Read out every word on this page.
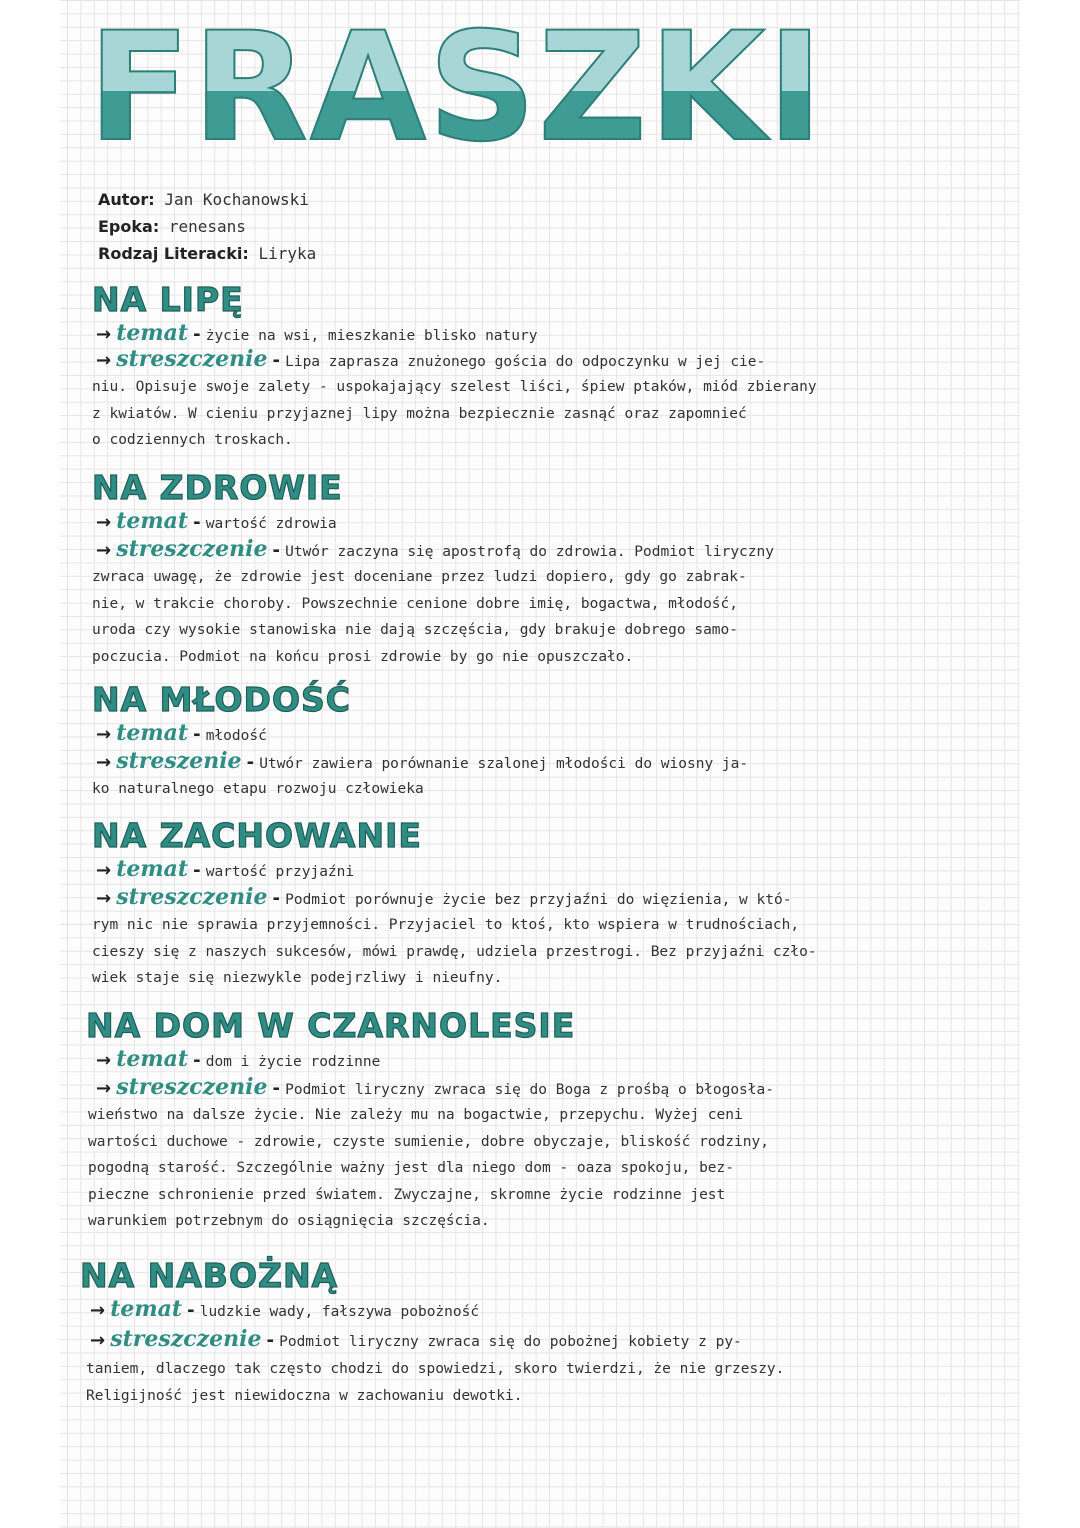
FRASZKI
Autor: Jan Kochanowski
Epoka: renesans
Rodzaj Literacki: Liryka
NA LIPĘ
→ temat - życie na wsi, mieszkanie blisko natury
→ streszczenie - Lipa zaprasza znużonego gościa do odpoczynku w jej cie-
niu. Opisuje swoje zalety - uspokajający szelest liści, śpiew ptaków, miód zbierany
z kwiatów. W cieniu przyjaznej lipy można bezpiecznie zasnąć oraz zapomnieć
o codziennych troskach.
NA ZDROWIE
→ temat - wartość zdrowia
→ streszczenie - Utwór zaczyna się apostrofą do zdrowia. Podmiot liryczny
zwraca uwagę, że zdrowie jest doceniane przez ludzi dopiero, gdy go zabrak-
nie, w trakcie choroby. Powszechnie cenione dobre imię, bogactwa, młodość,
uroda czy wysokie stanowiska nie dają szczęścia, gdy brakuje dobrego samo-
poczucia. Podmiot na końcu prosi zdrowie by go nie opuszczało.
NA MŁODOŚĆ
→ temat - młodość
→ streszenie - Utwór zawiera porównanie szalonej młodości do wiosny ja-
ko naturalnego etapu rozwoju człowieka
NA ZACHOWANIE
→ temat - wartość przyjaźni
→ streszczenie - Podmiot porównuje życie bez przyjaźni do więzienia, w któ-
rym nic nie sprawia przyjemności. Przyjaciel to ktoś, kto wspiera w trudnościach,
cieszy się z naszych sukcesów, mówi prawdę, udziela przestrogi. Bez przyjaźni czło-
wiek staje się niezwykle podejrzliwy i nieufny.
NA DOM W CZARNOLESIE
→ temat - dom i życie rodzinne
→ streszczenie - Podmiot liryczny zwraca się do Boga z prośbą o błogosła-
wieństwo na dalsze życie. Nie zależy mu na bogactwie, przepychu. Wyżej ceni
wartości duchowe - zdrowie, czyste sumienie, dobre obyczaje, bliskość rodziny,
pogodną starość. Szczególnie ważny jest dla niego dom - oaza spokoju, bez-
pieczne schronienie przed światem. Zwyczajne, skromne życie rodzinne jest
warunkiem potrzebnym do osiągnięcia szczęścia.
NA NABOŻNĄ
→ temat - ludzkie wady, fałszywa pobożność
→ streszczenie - Podmiot liryczny zwraca się do pobożnej kobiety z py-
taniem, dlaczego tak często chodzi do spowiedzi, skoro twierdzi, że nie grzeszy.
Religijność jest niewidoczna w zachowaniu dewotki.
